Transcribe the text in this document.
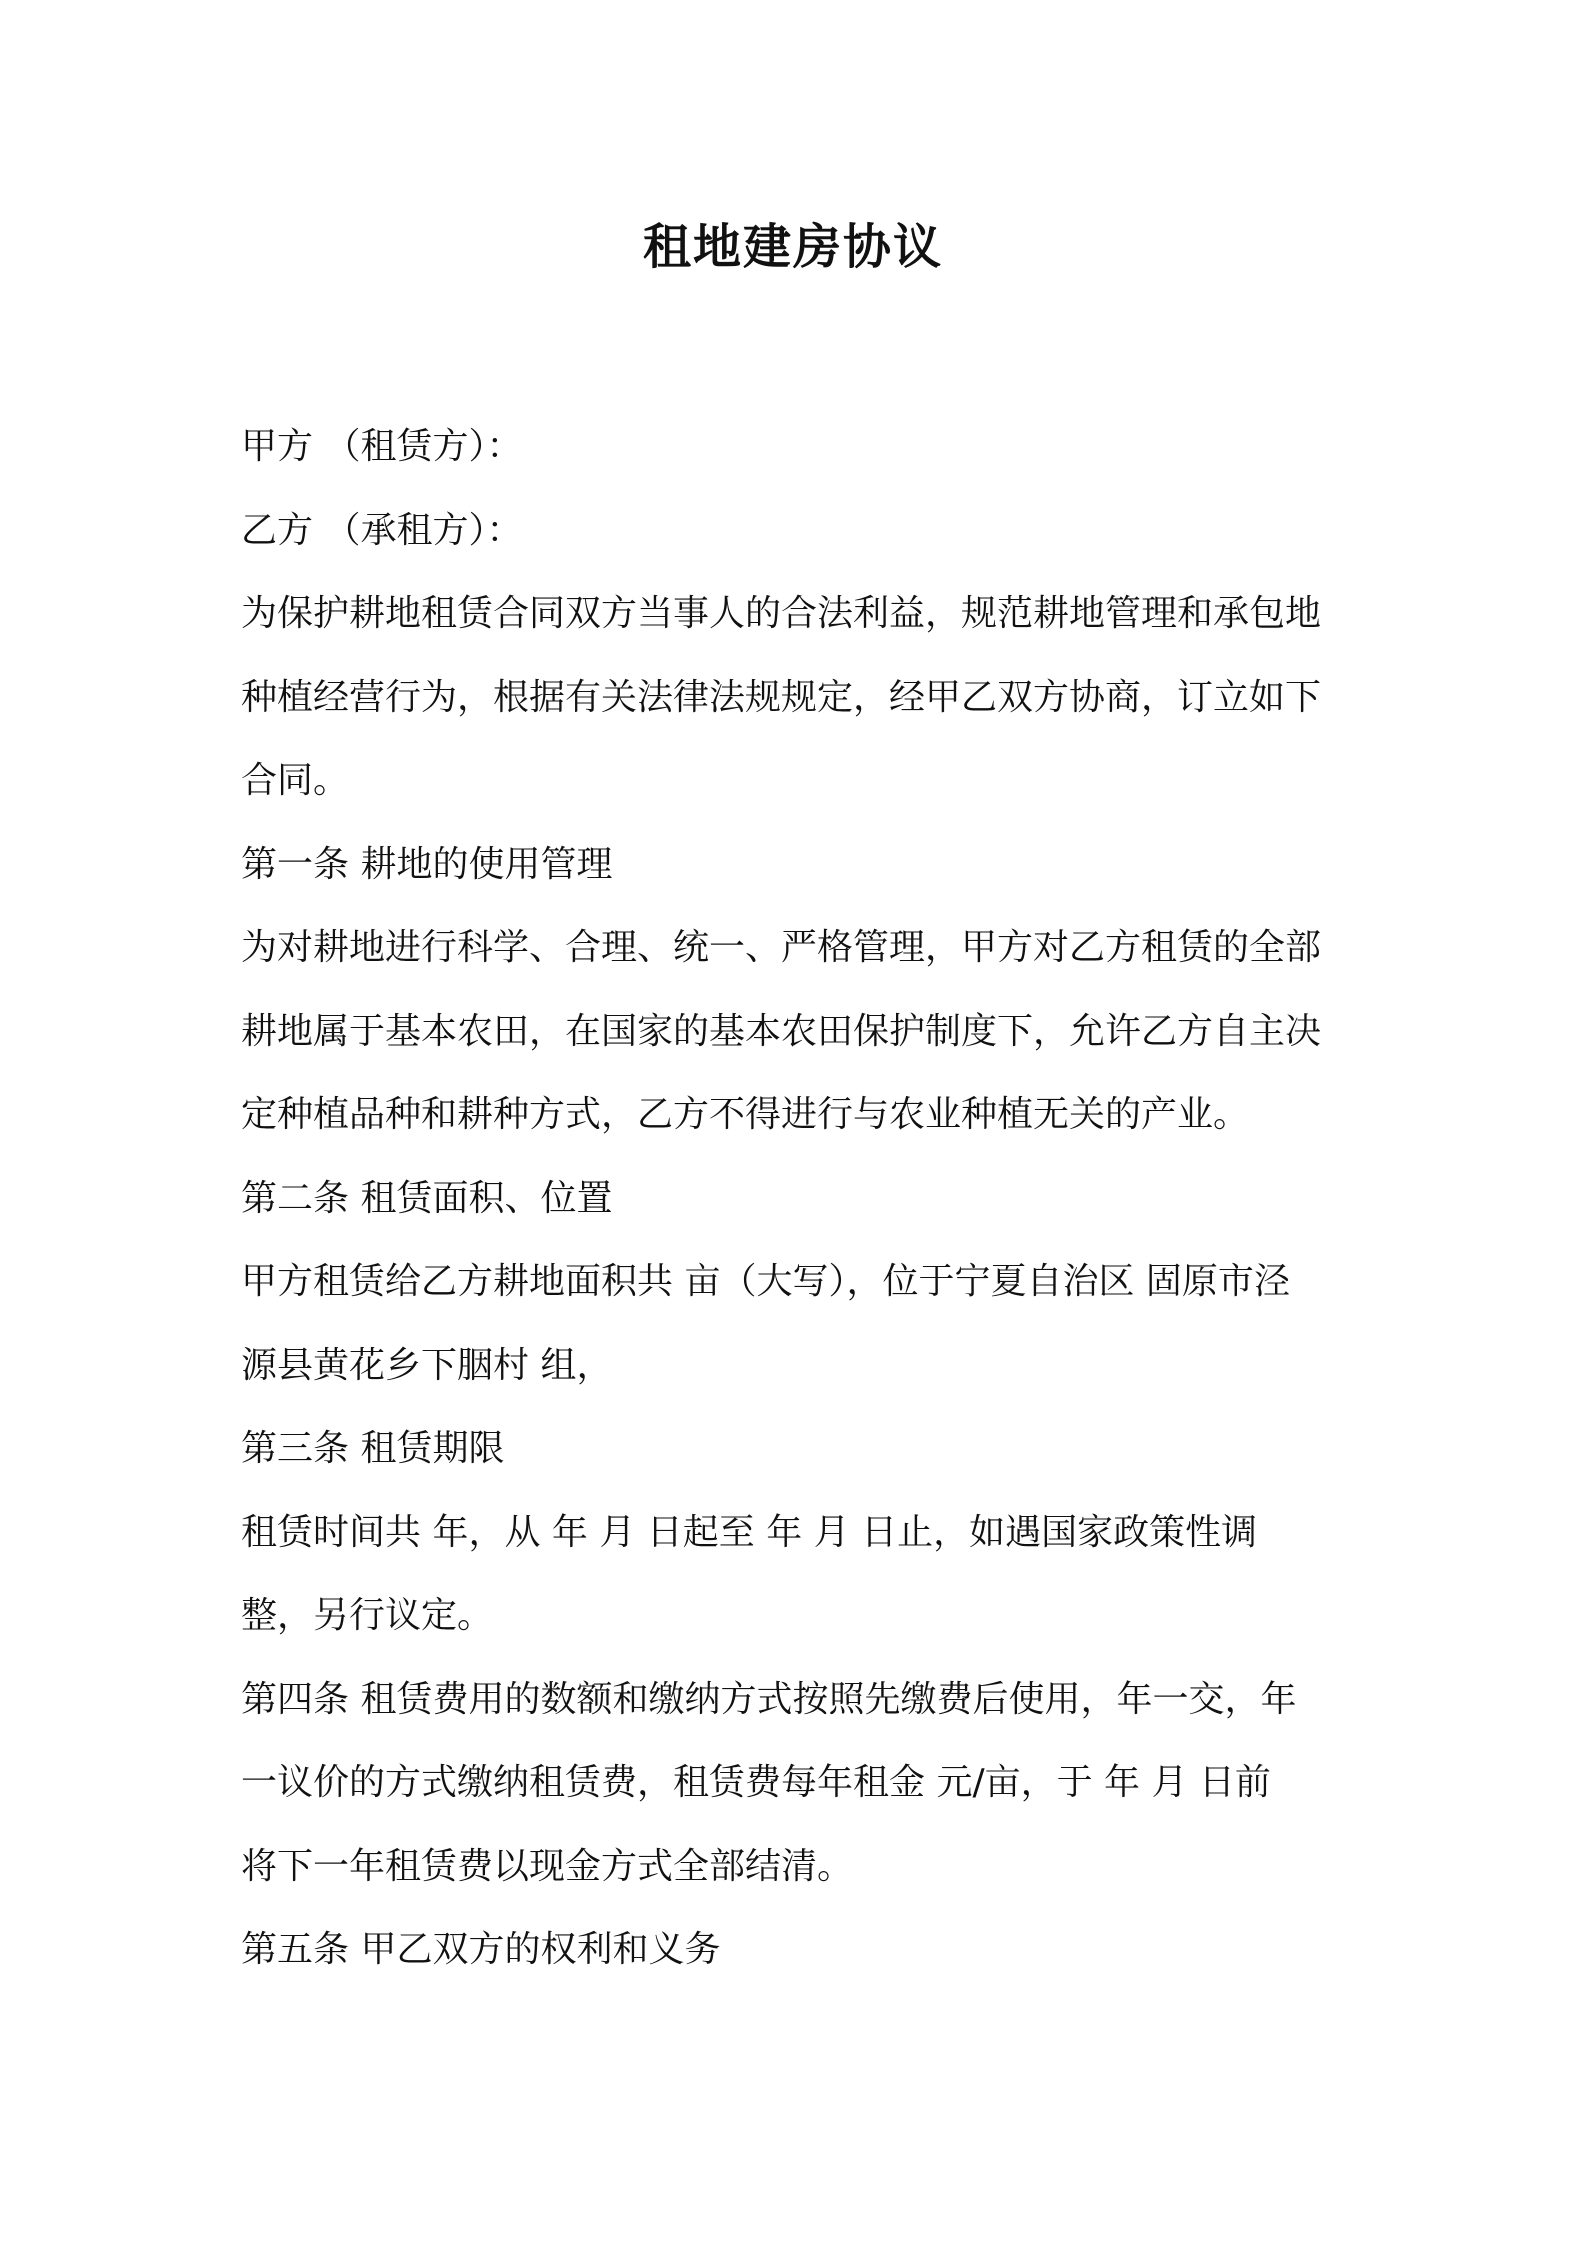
租地建房协议
甲方 （租赁方）：
乙方 （承租方）：
为保护耕地租赁合同双方当事人的合法利益，规范耕地管理和承包地
种植经营行为，根据有关法律法规规定，经甲乙双方协商，订立如下
合同。
第一条 耕地的使用管理
为对耕地进行科学、合理、统一、严格管理，甲方对乙方租赁的全部
耕地属于基本农田，在国家的基本农田保护制度下，允许乙方自主决
定种植品种和耕种方式，乙方不得进行与农业种植无关的产业。
第二条 租赁面积、位置
甲方租赁给乙方耕地面积共 亩（大写），位于宁夏自治区 固原市泾
源县黄花乡下胭村 组，
第三条 租赁期限
租赁时间共 年，从 年 月 日起至 年 月 日止，如遇国家政策性调
整，另行议定。
第四条 租赁费用的数额和缴纳方式按照先缴费后使用，年一交，年
一议价的方式缴纳租赁费，租赁费每年租金 元/亩，于 年 月 日前
将下一年租赁费以现金方式全部结清。
第五条 甲乙双方的权利和义务
